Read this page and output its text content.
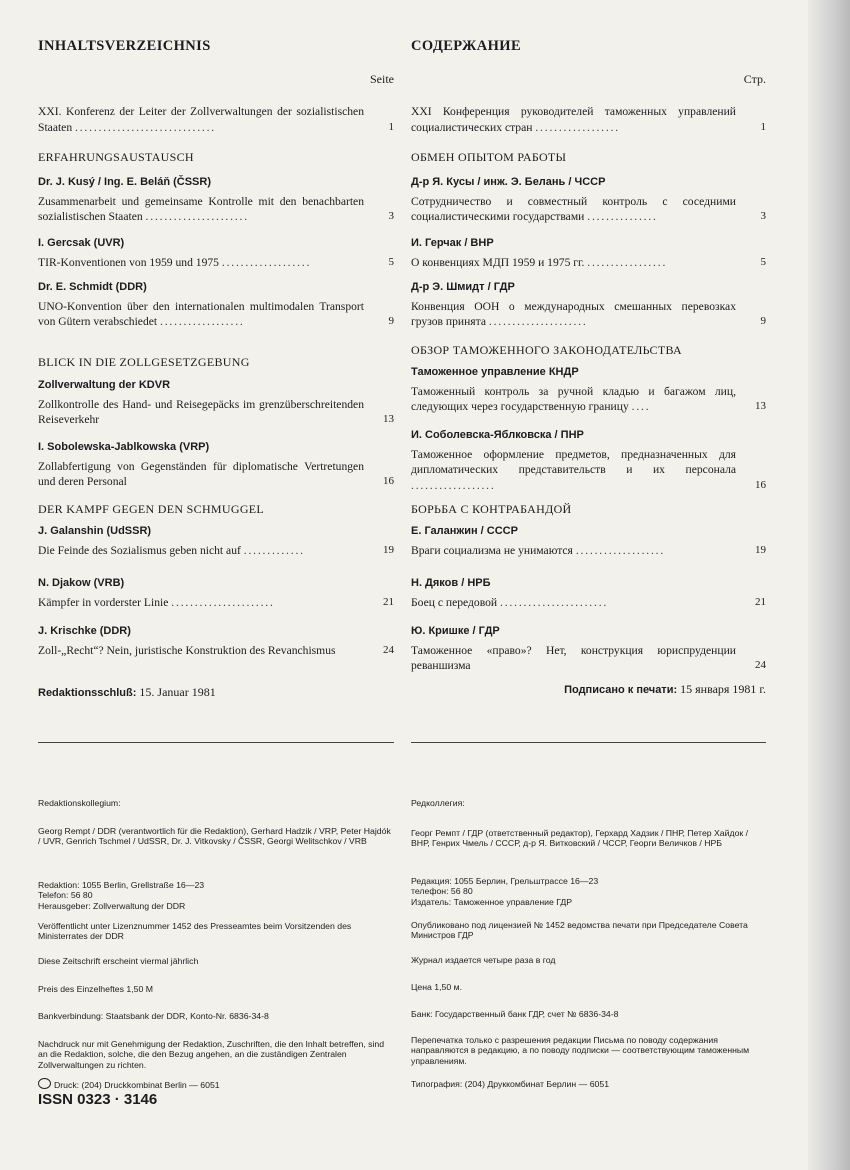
INHALTSVERZEICHNIS
Seite
XXI. Konferenz der Leiter der Zollverwaltungen der sozialistischen Staaten ..............................	1
ERFAHRUNGSAUSTAUSCH
Dr. J. Kusý / Ing. E. Beláň (ČSSR)
Zusammenarbeit und gemeinsame Kontrolle mit den benachbarten sozialistischen Staaten ......................	3
I. Gercsak (UVR)
TIR-Konventionen von 1959 und 1975 ...................	5
Dr. E. Schmidt (DDR)
UNO-Konvention über den internationalen multimodalen Transport von Gütern verabschiedet ..................	9
BLICK IN DIE ZOLLGESETZGEBUNG
Zollverwaltung der KDVR
Zollkontrolle des Hand- und Reisegepäcks im grenzüberschreitenden Reiseverkehr	13
I. Sobolewska-Jablkowska (VRP)
Zollabfertigung von Gegenständen für diplomatische Vertretungen und deren Personal	16
DER KAMPF GEGEN DEN SCHMUGGEL
J. Galanshin (UdSSR)
Die Feinde des Sozialismus geben nicht auf .............	19
N. Djakow (VRB)
Kämpfer in vorderster Linie ......................	21
J. Krischke (DDR)
Zoll-„Recht“? Nein, juristische Konstruktion des Revanchismus	24
Redaktionsschluß: 15. Januar 1981
СОДЕРЖАНИЕ
Стр.
XXI Конференция руководителей таможенных управлений социалистических стран ..................	1
ОБМЕН ОПЫТОМ РАБОТЫ
Д-р Я. Кусы / инж. Э. Белань / ЧССР
Сотрудничество и совместный контроль с соседними социалистическими государствами ...............	3
И. Герчак / ВНР
О конвенциях МДП 1959 и 1975 гг. .................	5
Д-р Э. Шмидт / ГДР
Конвенция ООН о международных смешанных перевозках грузов принята .....................	9
ОБЗОР ТАМОЖЕННОГО ЗАКОНОДАТЕЛЬСТВА
Таможенное управление КНДР
Таможенный контроль за ручной кладью и багажом лиц, следующих через государственную границу ....	13
И. Соболевска-Яблковска / ПНР
Таможенное оформление предметов, предназначенных для дипломатических представительств и их персонала ..................	16
БОРЬБА С КОНТРАБАНДОЙ
Е. Галанжин / СССР
Враги социализма не унимаются ...................	19
Н. Дяков / НРБ
Боец с передовой .......................	21
Ю. Кришке / ГДР
Таможенное «право»? Нет, конструкция юриспруденции реваншизма	24
Подписано к печати: 15 января 1981 г.
Redaktionskollegium:
Georg Rempt / DDR (verantwortlich für die Redaktion), Gerhard Hadzik / VRP, Peter Hajdók / UVR, Genrich Tschmel / UdSSR, Dr. J. Vitkovsky / ČSSR, Georgi Welitschkov / VRB
Redaktion: 1055 Berlin, Grellstraße 16—23
Telefon: 56 80
Herausgeber: Zollverwaltung der DDR
Veröffentlicht unter Lizenznummer 1452 des Presseamtes beim Vorsitzenden des Ministerrates der DDR
Diese Zeitschrift erscheint viermal jährlich
Preis des Einzelheftes 1,50 M
Bankverbindung: Staatsbank der DDR, Konto-Nr. 6836-34-8
Nachdruck nur mit Genehmigung der Redaktion, Zuschriften, die den Inhalt betreffen, sind an die Redaktion, solche, die den Bezug angehen, an die zuständigen Zentralen Zollverwaltungen zu richten.
Druck: (204) Druckkombinat Berlin — 6051
ISSN 0323 · 3146
Редколлегия:
Георг Ремпт / ГДР (ответственный редактор), Герхард Хадзик / ПНР, Петер Хайдок / ВНР, Генрих Чмель / СССР, д-р Я. Витковский / ЧССР, Георги Величков / НРБ
Редакция: 1055 Берлин, Грельштрассе 16—23
телефон: 56 80
Издатель: Таможенное управление ГДР
Опубликовано под лицензией № 1452 ведомства печати при Председателе Совета Министров ГДР
Журнал издается четыре раза в год
Цена 1,50 м.
Банк: Государственный банк ГДР, счет № 6836-34-8
Перепечатка только с разрешения редакции Письма по поводу содержания направляются в редакцию, а по поводу подписки — соответствующим таможенным управлениям.
Типография: (204) Друккомбинат Берлин — 6051
